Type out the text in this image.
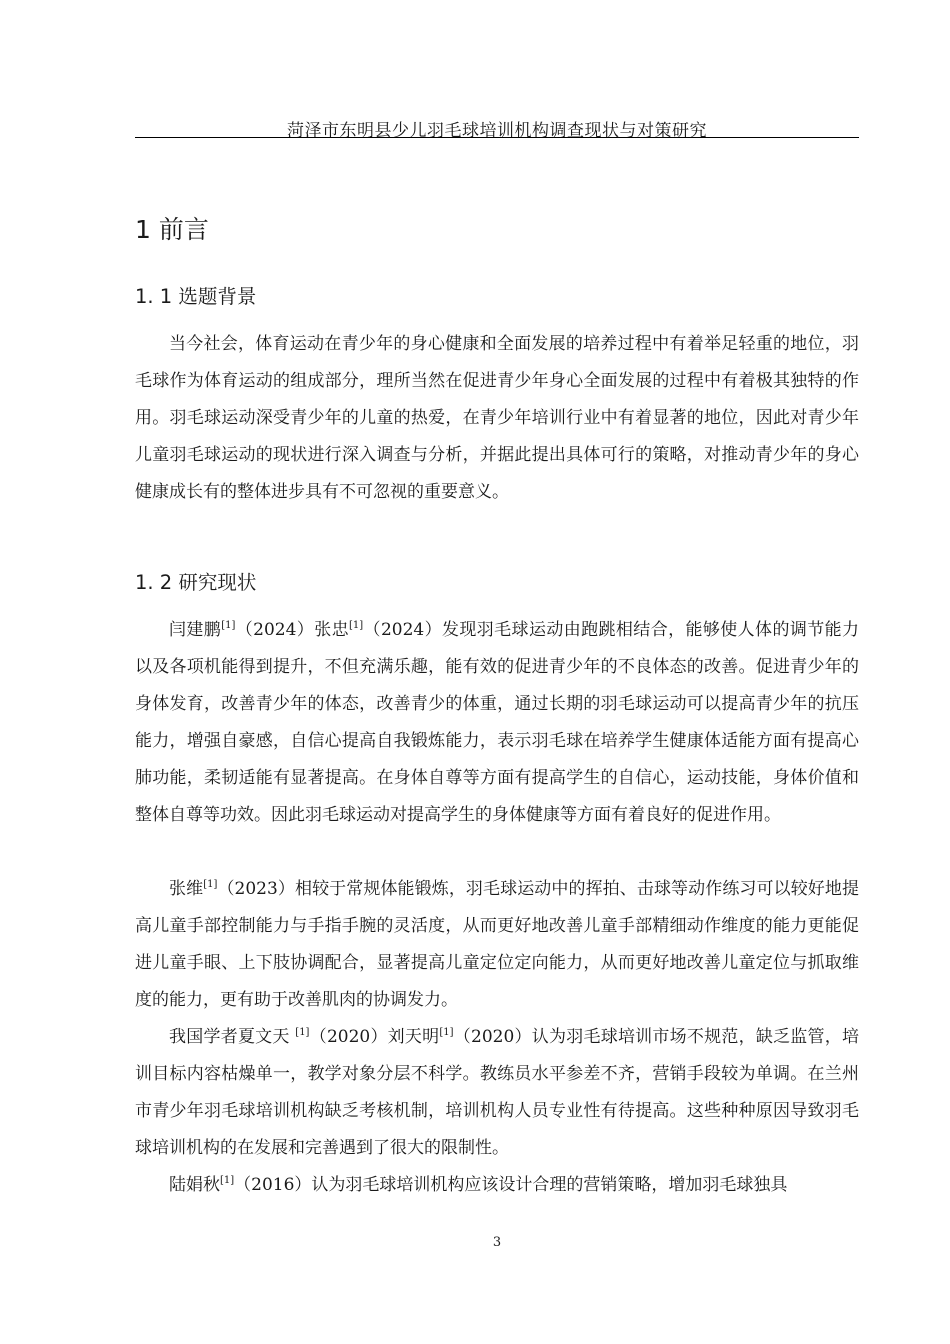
菏泽市东明县少儿羽毛球培训机构调查现状与对策研究
1 前言
1. 1 选题背景

当今社会，体育运动在青少年的身心健康和全面发展的培养过程中有着举足轻重的地位，羽毛球作为体育运动的组成部分，理所当然在促进青少年身心全面发展的过程中有着极其独特的作用。羽毛球运动深受青少年的儿童的热爱，在青少年培训行业中有着显著的地位，因此对青少年儿童羽毛球运动的现状进行深入调查与分析，并据此提出具体可行的策略，对推动青少年的身心健康成长有的整体进步具有不可忽视的重要意义。

1. 2 研究现状

闫建鹏[1]（2024）张忠[1]（2024）发现羽毛球运动由跑跳相结合，能够使人体的调节能力以及各项机能得到提升，不但充满乐趣，能有效的促进青少年的不良体态的改善。促进青少年的身体发育，改善青少年的体态，改善青少的体重，通过长期的羽毛球运动可以提高青少年的抗压能力，增强自豪感，自信心提高自我锻炼能力，表示羽毛球在培养学生健康体适能方面有提高心肺功能，柔韧适能有显著提高。在身体自尊等方面有提高学生的自信心，运动技能，身体价值和整体自尊等功效。因此羽毛球运动对提高学生的身体健康等方面有着良好的促进作用。

张维[1]（2023）相较于常规体能锻炼，羽毛球运动中的挥拍、击球等动作练习可以较好地提高儿童手部控制能力与手指手腕的灵活度，从而更好地改善儿童手部精细动作维度的能力更能促进儿童手眼、上下肢协调配合，显著提高儿童定位定向能力，从而更好地改善儿童定位与抓取维度的能力，更有助于改善肌肉的协调发力。

我国学者夏文天 [1]（2020）刘天明[1]（2020）认为羽毛球培训市场不规范，缺乏监管，培训目标内容枯燥单一，教学对象分层不科学。教练员水平参差不齐，营销手段较为单调。在兰州市青少年羽毛球培训机构缺乏考核机制，培训机构人员专业性有待提高。这些种种原因导致羽毛球培训机构的在发展和完善遇到了很大的限制性。

陆娟秋[1]（2016）认为羽毛球培训机构应该设计合理的营销策略，增加羽毛球独具

3
